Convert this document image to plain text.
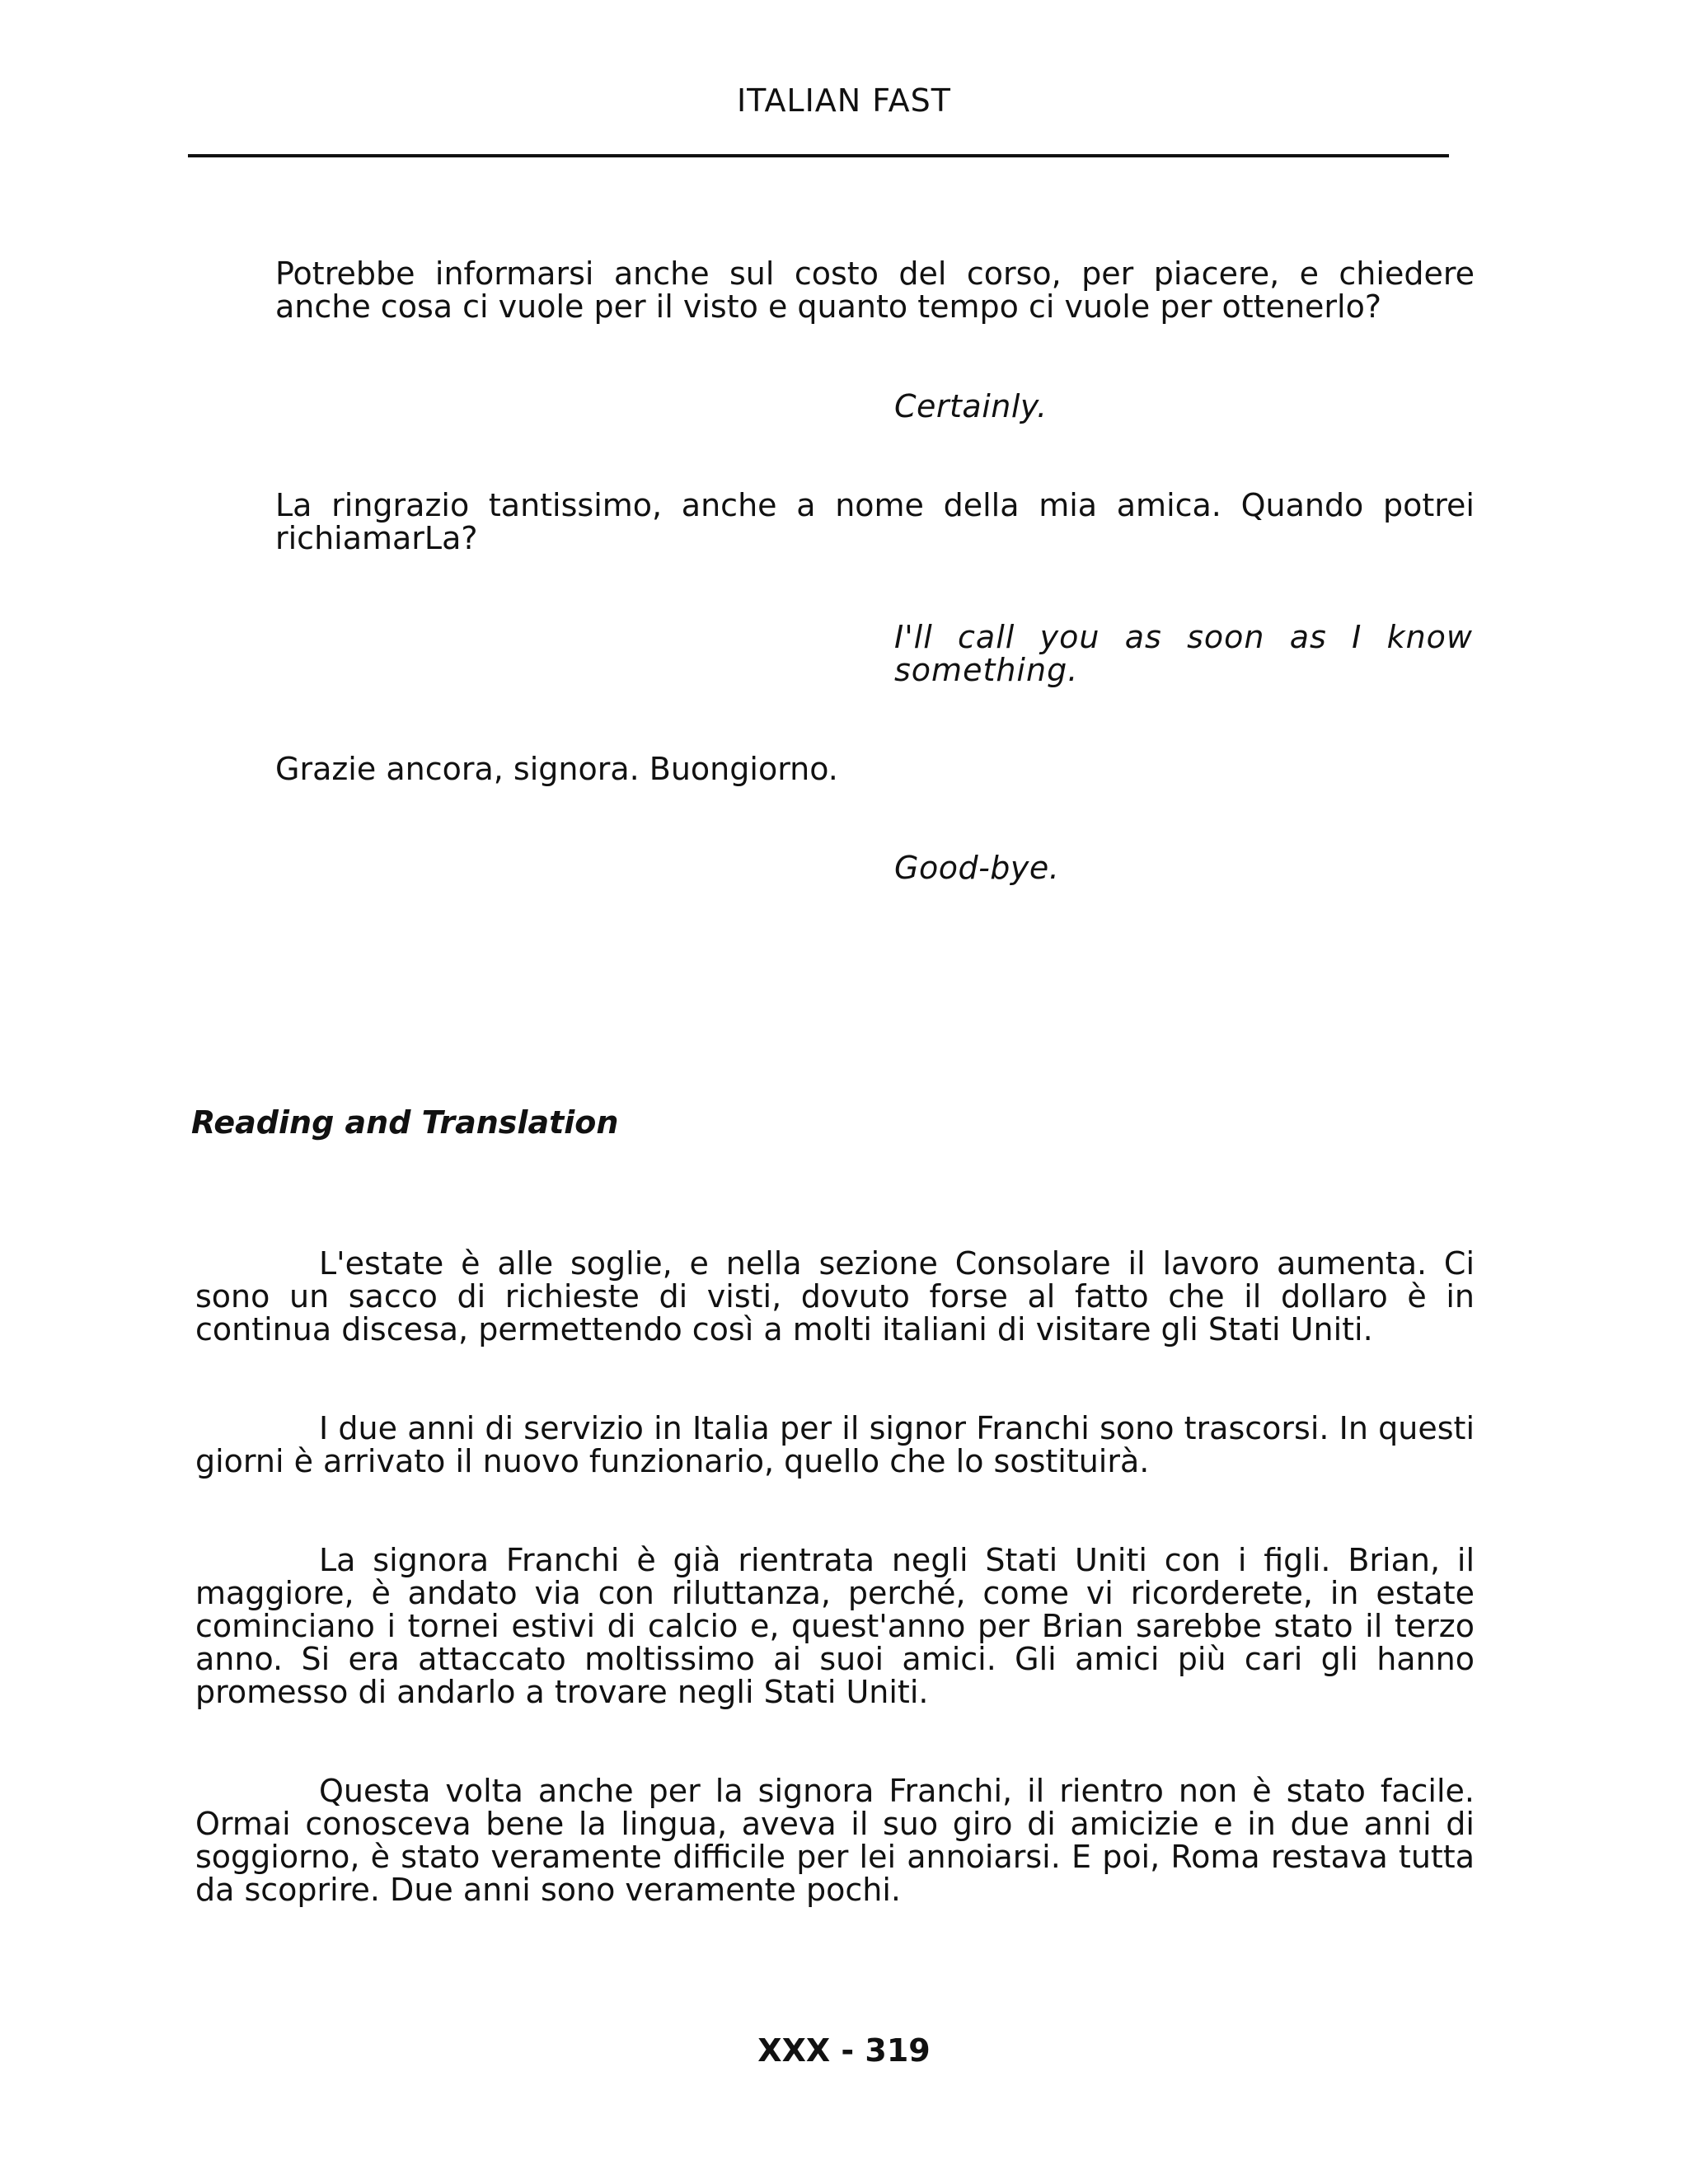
ITALIAN FAST
Potrebbe informarsi anche sul costo del corso, per piacere, e chiedere anche cosa ci vuole per il visto e quanto tempo ci vuole per ottenerlo?
Certainly.
La ringrazio tantissimo, anche a nome della mia amica. Quando potrei richiamarLa?
I'll call you as soon as I know something.
Grazie ancora, signora. Buongiorno.
Good-bye.
Reading and Translation
L'estate è alle soglie, e nella sezione Consolare il lavoro aumenta. Ci sono un sacco di richieste di visti, dovuto forse al fatto che il dollaro è in continua discesa, permettendo così a molti italiani di visitare gli Stati Uniti.
I due anni di servizio in Italia per il signor Franchi sono trascorsi. In questi giorni è arrivato il nuovo funzionario, quello che lo sostituirà.
La signora Franchi è già rientrata negli Stati Uniti con i figli. Brian, il maggiore, è andato via con riluttanza, perché, come vi ricorderete, in estate cominciano i tornei estivi di calcio e, quest'anno per Brian sarebbe stato il terzo anno. Si era attaccato moltissimo ai suoi amici. Gli amici più cari gli hanno promesso di andarlo a trovare negli Stati Uniti.
Questa volta anche per la signora Franchi, il rientro non è stato facile. Ormai conosceva bene la lingua, aveva il suo giro di amicizie e in due anni di soggiorno, è stato veramente difficile per lei annoiarsi. E poi, Roma restava tutta da scoprire. Due anni sono veramente pochi.
XXX - 319
